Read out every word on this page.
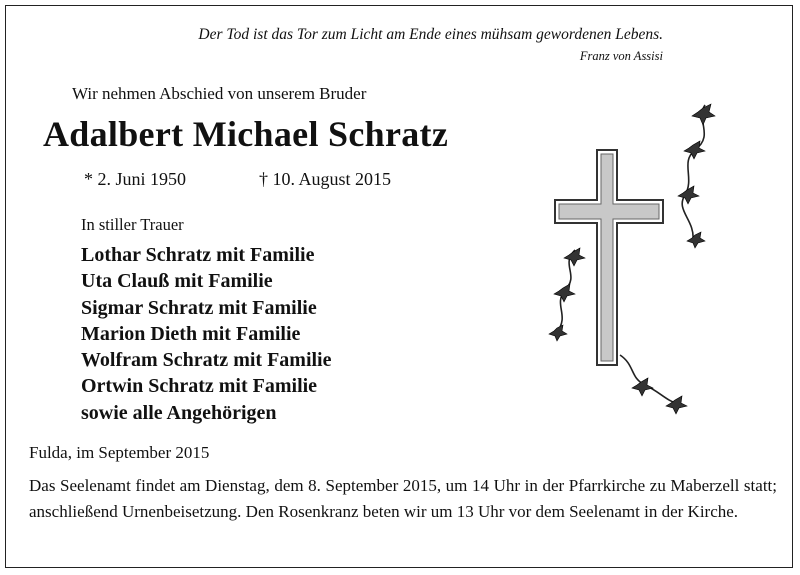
Der Tod ist das Tor zum Licht am Ende eines mühsam gewordenen Lebens.
Franz von Assisi
Wir nehmen Abschied von unserem Bruder
Adalbert Michael Schratz
* 2. Juni 1950	† 10. August 2015
In stiller Trauer
Lothar Schratz mit Familie
Uta Clauß mit Familie
Sigmar Schratz mit Familie
Marion Dieth mit Familie
Wolfram Schratz mit Familie
Ortwin Schratz mit Familie
sowie alle Angehörigen
Fulda, im September 2015
Das Seelenamt findet am Dienstag, dem 8. September 2015, um 14 Uhr in der Pfarrkirche zu Maberzell statt; anschließend Urnenbeisetzung. Den Rosenkranz beten wir um 13 Uhr vor dem Seelenamt in der Kirche.
